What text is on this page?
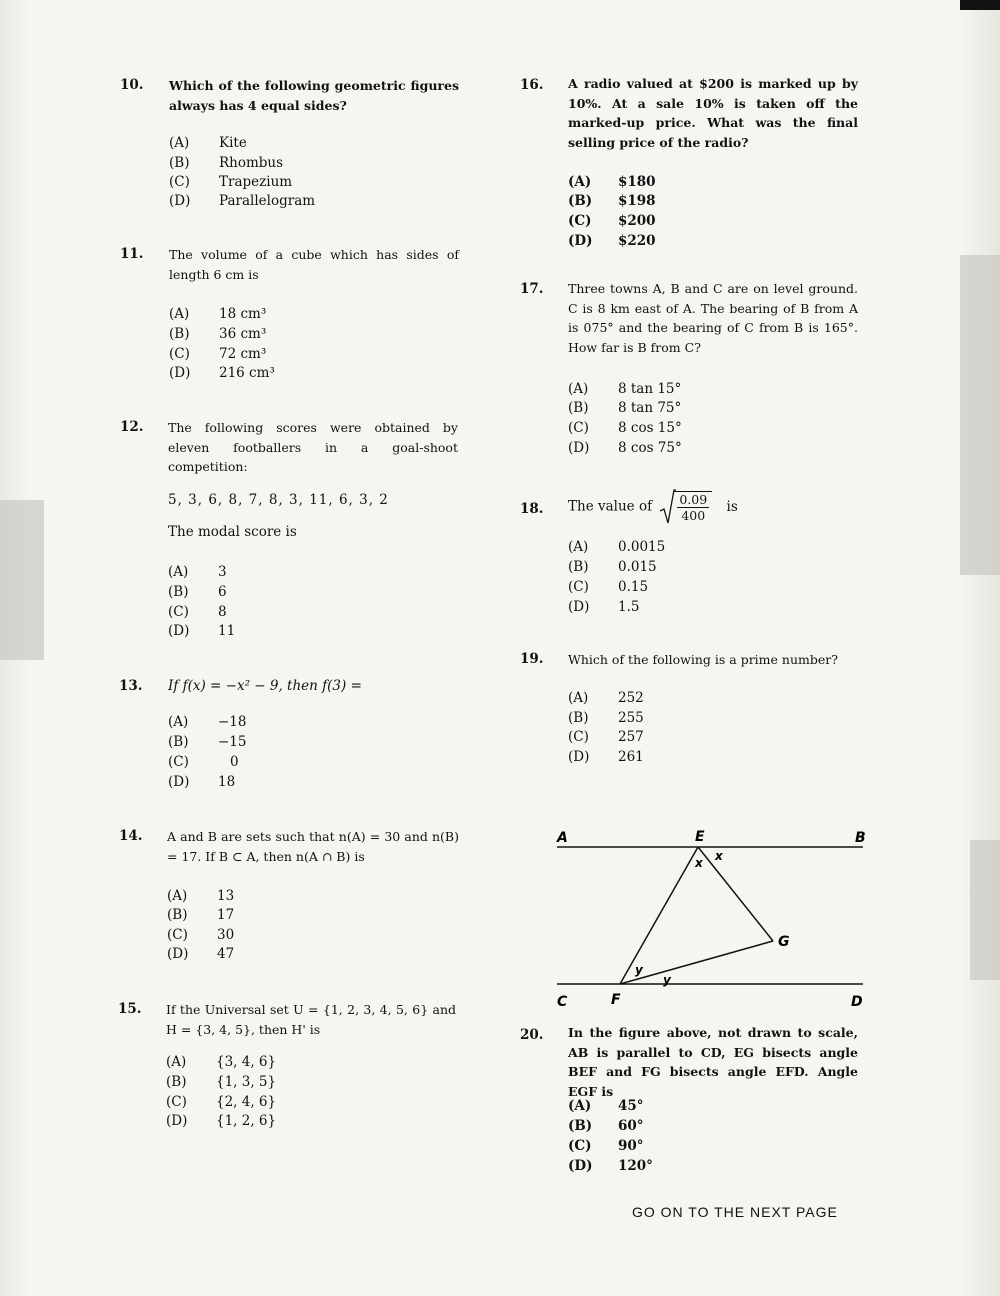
10. Which of the following geometric figures always has 4 equal sides?
(A) Kite
(B) Rhombus
(C) Trapezium
(D) Parallelogram
11. The volume of a cube which has sides of length 6 cm is
(A) 18 cm³
(B) 36 cm³
(C) 72 cm³
(D) 216 cm³
12. The following scores were obtained by eleven footballers in a goal-shoot competition:
5, 3, 6, 8, 7, 8, 3, 11, 6, 3, 2
The modal score is
(A) 3
(B) 6
(C) 8
(D) 11
13. If f(x) = −x² − 9, then f(3) =
(A) −18
(B) −15
(C)	0
(D) 18
14. A and B are sets such that n(A) = 30 and n(B) = 17. If B ⊂ A, then n(A ∩ B) is
(A) 13
(B) 17
(C) 30
(D) 47
15. If the Universal set U = {1, 2, 3, 4, 5, 6} and H = {3, 4, 5}, then H' is
(A) {3, 4, 6}
(B) {1, 3, 5}
(C) {2, 4, 6}
(D) {1, 2, 6}
16. A radio valued at $200 is marked up by 10%. At a sale 10% is taken off the marked-up price. What was the final selling price of the radio?
(A) $180
(B) $198
(C) $200
(D) $220
17. Three towns A, B and C are on level ground. C is 8 km east of A. The bearing of B from A is 075° and the bearing of C from B is 165°. How far is B from C?
(A) 8 tan 15°
(B) 8 tan 75°
(C) 8 cos 15°
(D) 8 cos 75°
18. The value of $\frac{0.09}{400}$ is
(A) 0.0015
(B) 0.015
(C) 0.15
(D) 1.5
19. Which of the following is a prime number?
(A) 252
(B) 255
(C) 257
(D) 261
A	B
C	D
E
F
G
x x
y
y
20. In the figure above, not drawn to scale, AB is parallel to CD, EG bisects angle BEF and FG bisects angle EFD. Angle EGF is
(A) 45°
(B) 60°
(C) 90°
(D) 120°
GO ON TO THE NEXT PAGE
